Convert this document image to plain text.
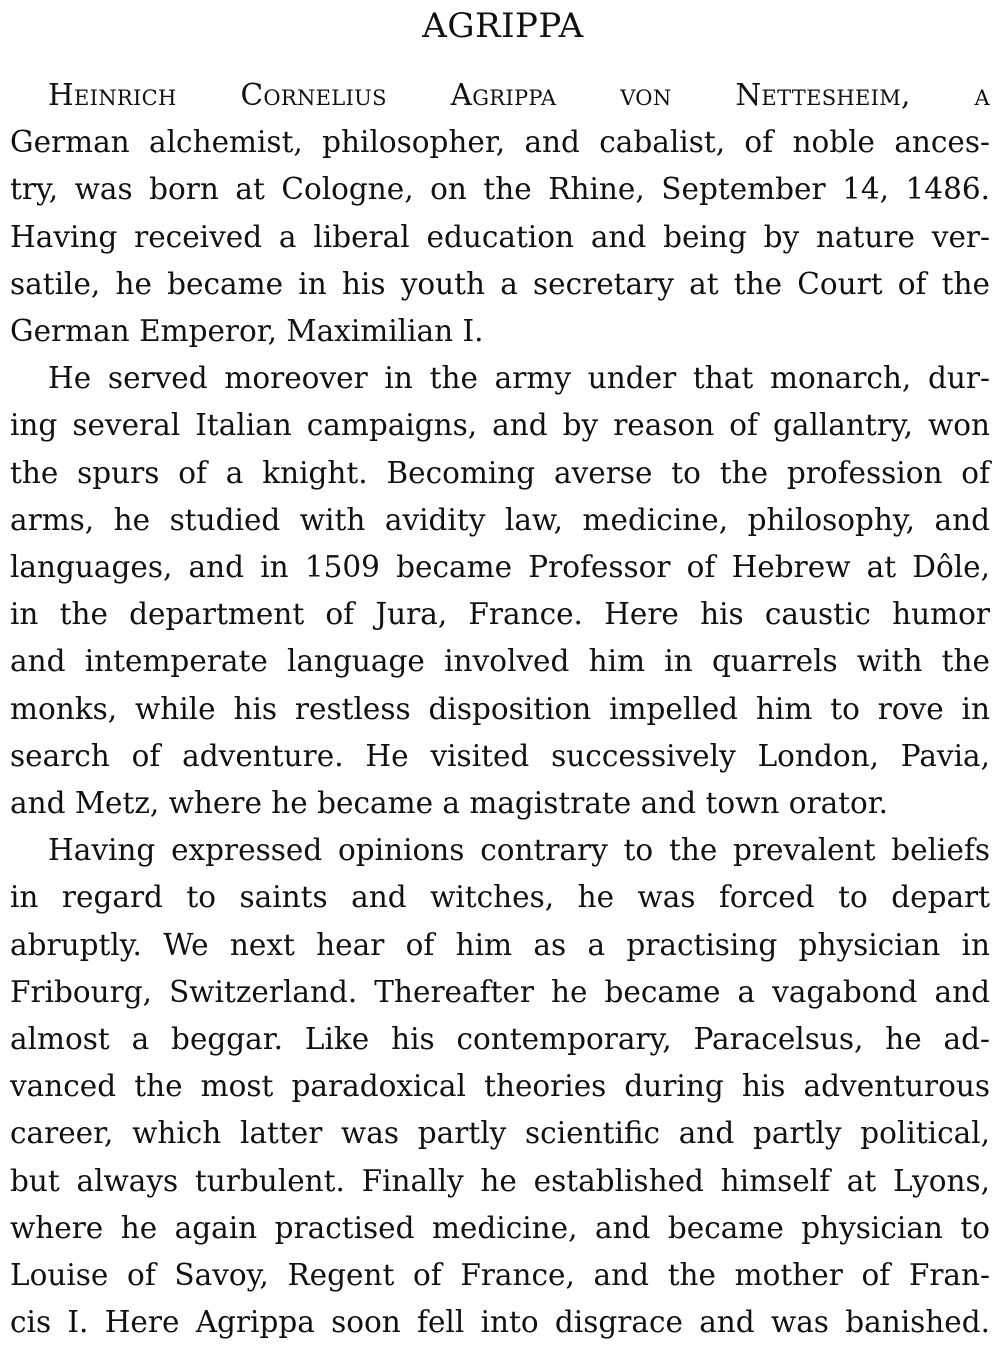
AGRIPPA
Heinrich Cornelius Agrippa von Nettesheim, a
German alchemist, philosopher, and cabalist, of noble ances-
try, was born at Cologne, on the Rhine, September 14, 1486.
Having received a liberal education and being by nature ver-
satile, he became in his youth a secretary at the Court of the
German Emperor, Maximilian I.
He served moreover in the army under that monarch, dur-
ing several Italian campaigns, and by reason of gallantry, won
the spurs of a knight. Becoming averse to the profession of
arms, he studied with avidity law, medicine, philosophy, and
languages, and in 1509 became Professor of Hebrew at Dôle,
in the department of Jura, France. Here his caustic humor
and intemperate language involved him in quarrels with the
monks, while his restless disposition impelled him to rove in
search of adventure. He visited successively London, Pavia,
and Metz, where he became a magistrate and town orator.
Having expressed opinions contrary to the prevalent beliefs
in regard to saints and witches, he was forced to depart
abruptly. We next hear of him as a practising physician in
Fribourg, Switzerland. Thereafter he became a vagabond and
almost a beggar. Like his contemporary, Paracelsus, he ad-
vanced the most paradoxical theories during his adventurous
career, which latter was partly scientific and partly political,
but always turbulent. Finally he established himself at Lyons,
where he again practised medicine, and became physician to
Louise of Savoy, Regent of France, and the mother of Fran-
cis I. Here Agrippa soon fell into disgrace and was banished.
